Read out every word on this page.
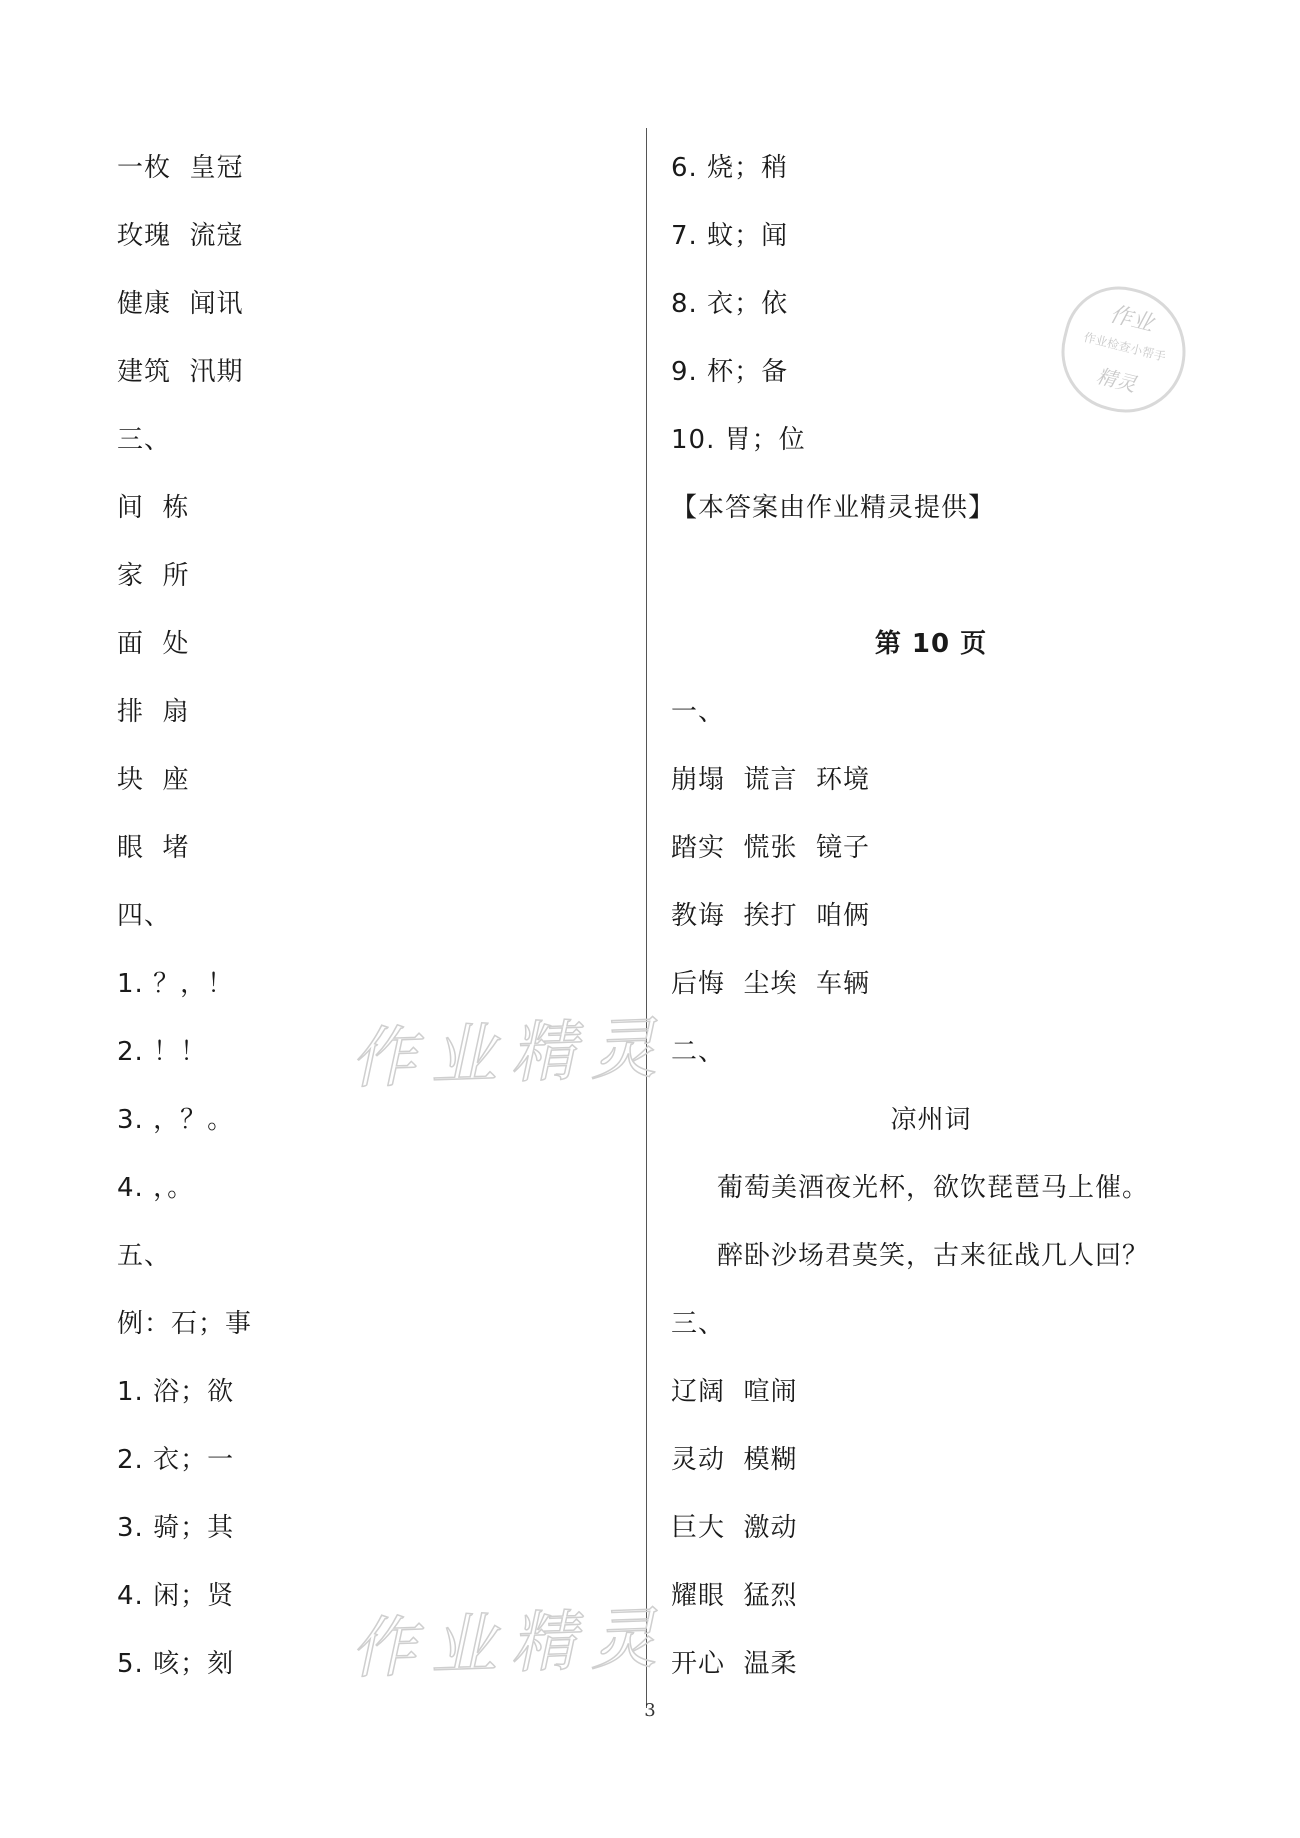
一枚  皇冠
玫瑰  流寇
健康  闻讯
建筑  汛期
三、
间  栋
家  所
面  处
排  扇
块  座
眼  堵
四、
1. ？，！
2. ！！
3. ，？。
4. ，。
五、
例：石；事
1. 浴；欲
2. 衣；一
3. 骑；其
4. 闲；贤
5. 咳；刻
6. 烧；稍
7. 蚊；闻
8. 衣；依
9. 杯；备
10. 胃；位
【本答案由作业精灵提供】
第 10 页
一、
崩塌  谎言  环境
踏实  慌张  镜子
教诲  挨打  咱俩
后悔  尘埃  车辆
二、
凉州词
葡萄美酒夜光杯，欲饮琵琶马上催。
醉卧沙场君莫笑，古来征战几人回？
三、
辽阔  喧闹
灵动  模糊
巨大  激动
耀眼  猛烈
开心  温柔
作业精灵
作业精灵
作业
作业检查小帮手
精灵
3
